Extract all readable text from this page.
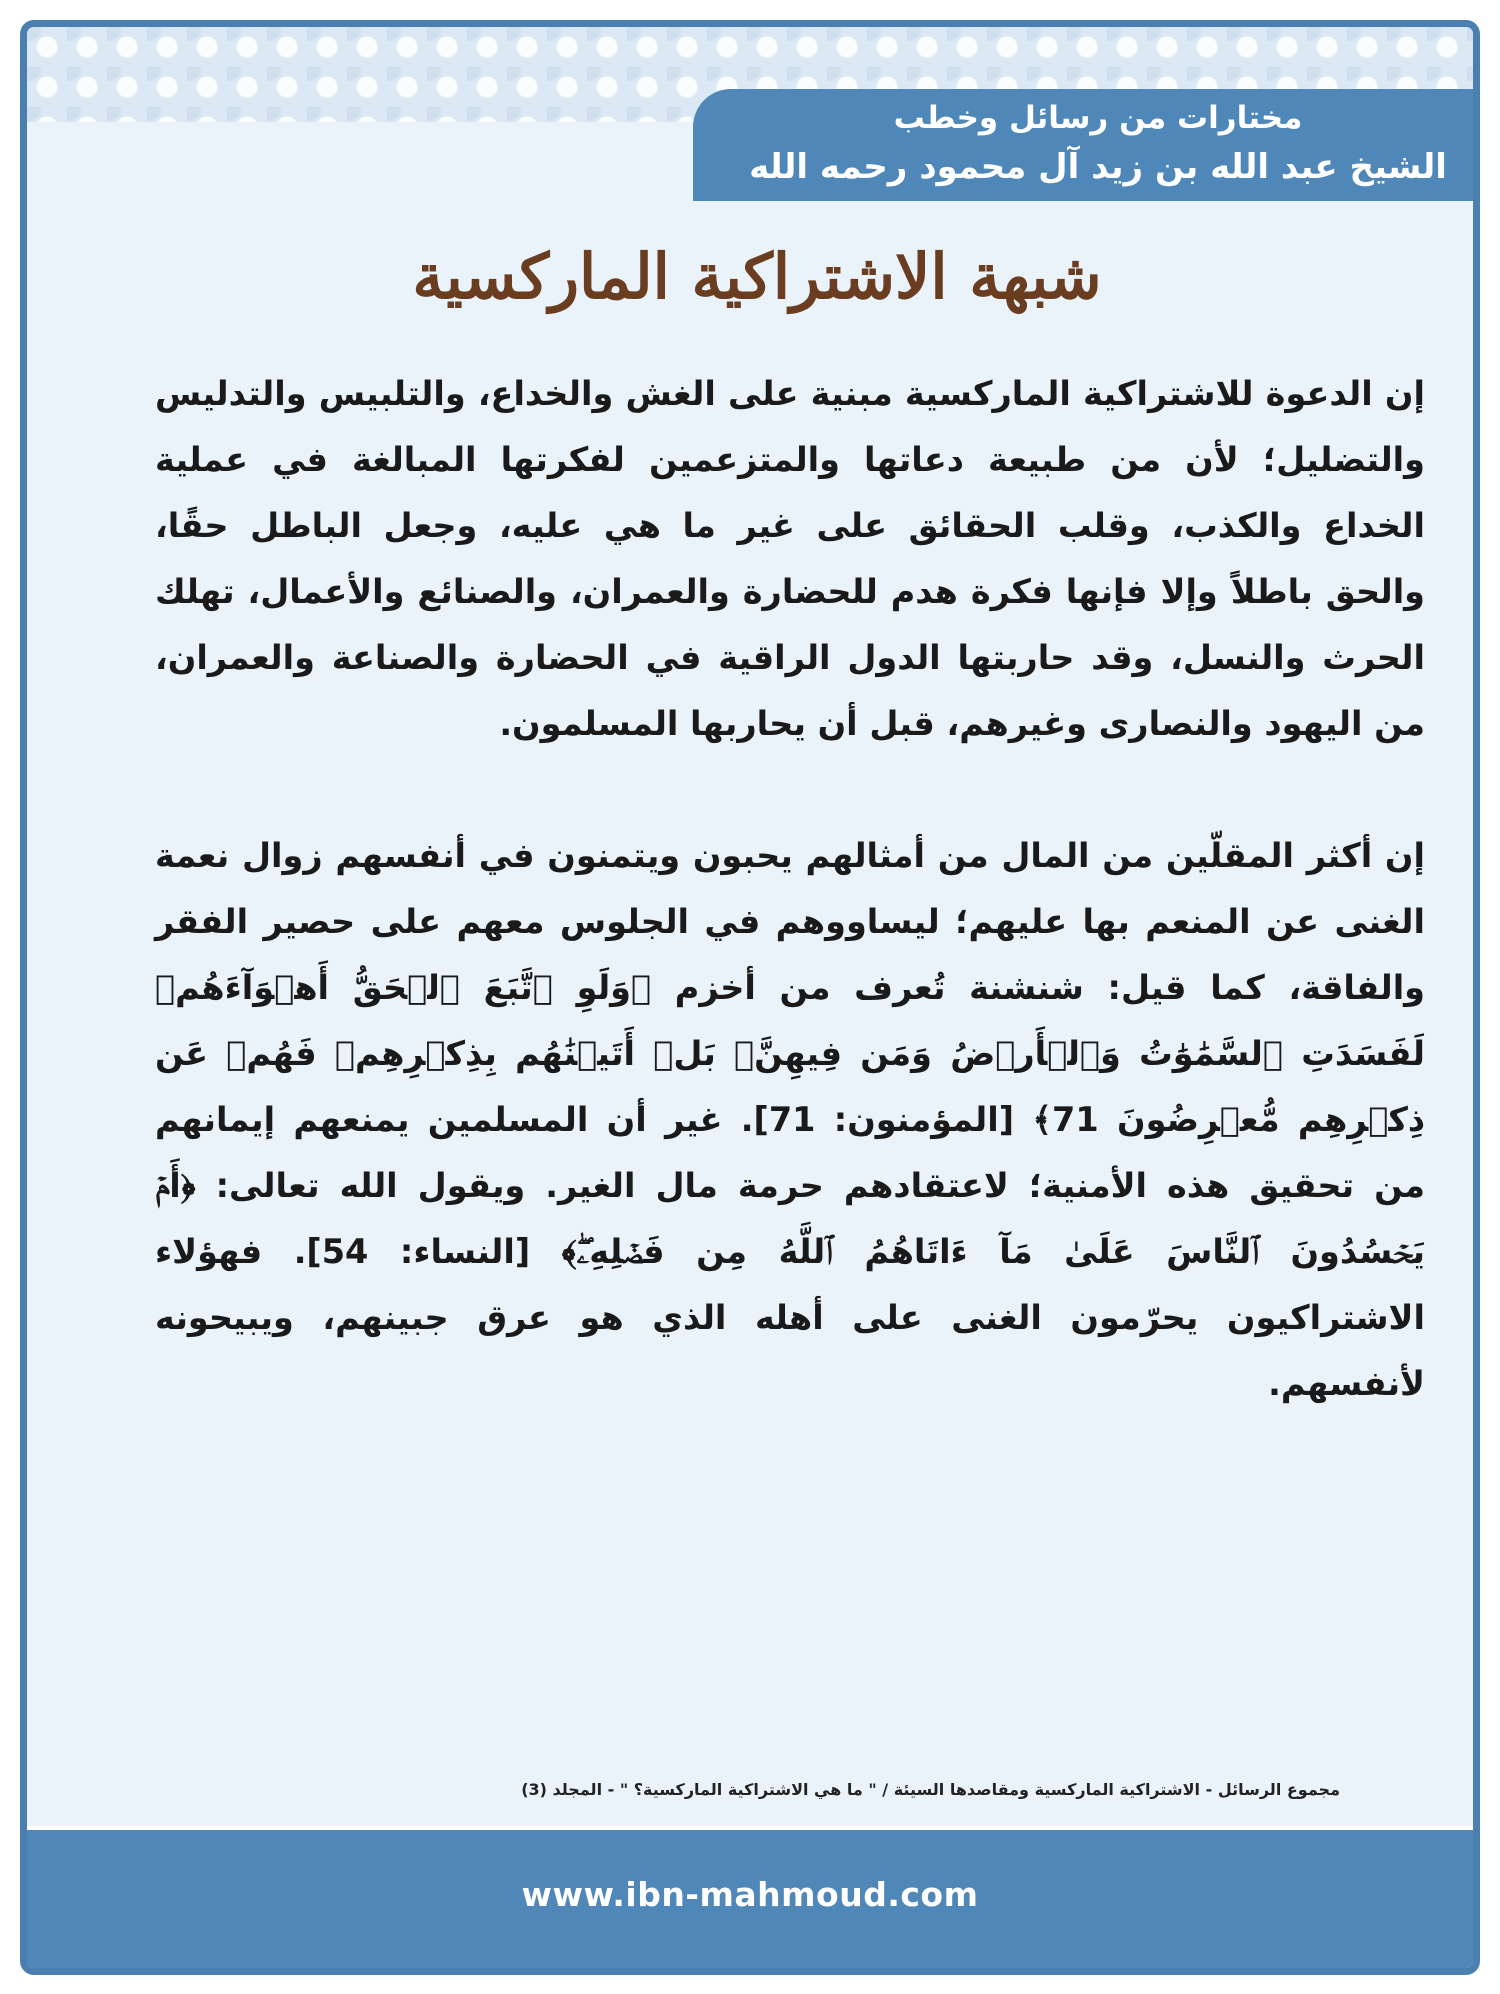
مختارات من رسائل وخطب
الشيخ عبد الله بن زيد آل محمود رحمه الله
شبهة الاشتراكية الماركسية

إن الدعوة للاشتراكية الماركسية مبنية على الغش والخداع، والتلبيس والتدليس والتضليل؛ لأن من طبيعة دعاتها والمتزعمين لفكرتها المبالغة في عملية الخداع والكذب، وقلب الحقائق على غير ما هي عليه، وجعل الباطل حقًا، والحق باطلاً وإلا فإنها فكرة هدم للحضارة والعمران، والصنائع والأعمال، تهلك الحرث والنسل، وقد حاربتها الدول الراقية في الحضارة والصناعة والعمران، من اليهود والنصارى وغيرهم، قبل أن يحاربها المسلمون.

إن أكثر المقلّين من المال من أمثالهم يحبون ويتمنون في أنفسهم زوال نعمة الغنى عن المنعم بها عليهم؛ ليساووهم في الجلوس معهم على حصير الفقر والفاقة، كما قيل: شنشنة تُعرف من أخزم ﴿وَلَوِ ٱتَّبَعَ ٱلۡحَقُّ أَهۡوَآءَهُمۡ لَفَسَدَتِ ٱلسَّمَٰوَٰتُ وَٱلۡأَرۡضُ وَمَن فِيهِنَّۚ بَلۡ أَتَيۡنَٰهُم بِذِكۡرِهِمۡ فَهُمۡ عَن ذِكۡرِهِم مُّعۡرِضُونَ 71﴾ [المؤمنون: 71]. غير أن المسلمين يمنعهم إيمانهم من تحقيق هذه الأمنية؛ لاعتقادهم حرمة مال الغير. ويقول الله تعالى: ﴿أَمۡ يَحۡسُدُونَ ٱلنَّاسَ عَلَىٰ مَآ ءَاتَاهُمُ ٱللَّهُ مِن فَضۡلِهِۦۖ﴾ [النساء: 54]. فهؤلاء الاشتراكيون يحرّمون الغنى على أهله الذي هو عرق جبينهم، ويبيحونه لأنفسهم.

www.ibn-mahmoud.com
مجموع الرسائل - الاشتراكية الماركسية ومقاصدها السيئة / " ما هي الاشتراكية الماركسية؟ " - المجلد (3)
